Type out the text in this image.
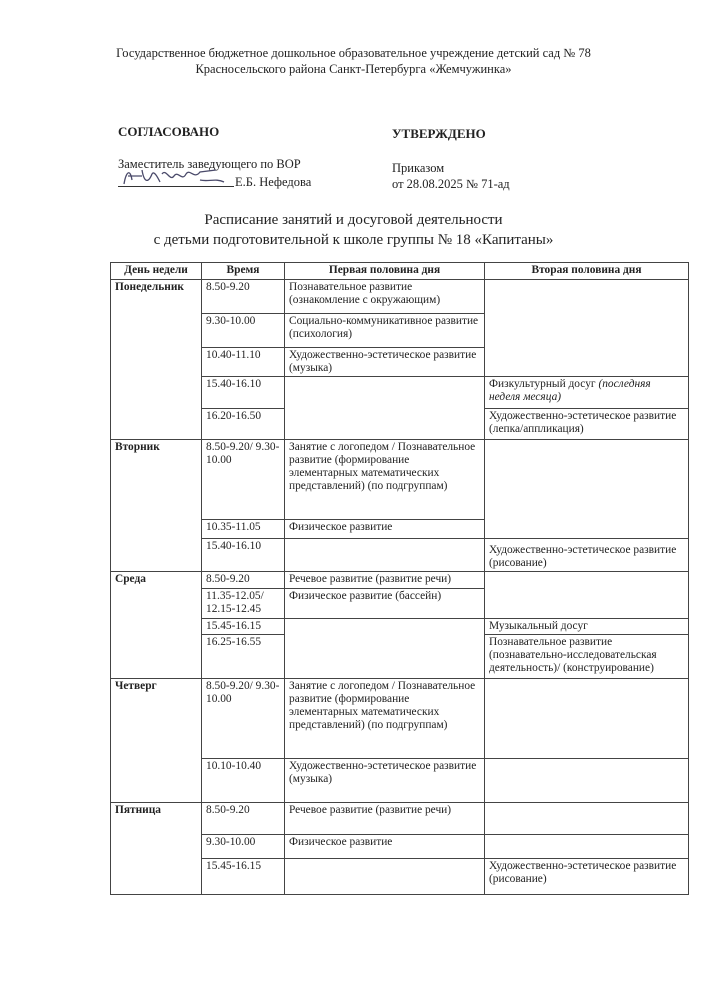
Государственное бюджетное дошкольное образовательное учреждение детский сад № 78
Красносельского района Санкт-Петербурга «Жемчужинка»
СОГЛАСОВАНО	УТВЕРЖДЕНО
Заместитель заведующего по ВОР	Приказом
Е.Б. Нефедова	от 28.08.2025 № 71-ад
Расписание занятий и досуговой деятельности
с детьми подготовительной к школе группы № 18 «Капитаны»
День недели	Время	Первая половина дня	Вторая половина дня
Понедельник	8.50-9.20	Познавательное развитие (ознакомление с окружающим)	
	9.30-10.00	Социально-коммуникативное развитие (психология)	
	10.40-11.10	Художественно-эстетическое развитие (музыка)	
	15.40-16.10		Физкультурный досуг (последняя неделя месяца)
	16.20-16.50		Художественно-эстетическое развитие (лепка/аппликация)
Вторник	8.50-9.20/ 9.30-10.00	Занятие с логопедом / Познавательное развитие (формирование элементарных математических представлений) (по подгруппам)	
	10.35-11.05	Физическое развитие	
	15.40-16.10		Художественно-эстетическое развитие (рисование)
Среда	8.50-9.20	Речевое развитие (развитие речи)	
	11.35-12.05/ 12.15-12.45	Физическое развитие (бассейн)	
	15.45-16.15		Музыкальный досуг
	16.25-16.55		Познавательное развитие (познавательно-исследовательская деятельность)/ (конструирование)
Четверг	8.50-9.20/ 9.30-10.00	Занятие с логопедом / Познавательное развитие (формирование элементарных математических представлений) (по подгруппам)	
	10.10-10.40	Художественно-эстетическое развитие (музыка)	
Пятница	8.50-9.20	Речевое развитие (развитие речи)	
	9.30-10.00	Физическое развитие	
	15.45-16.15		Художественно-эстетическое развитие (рисование)
